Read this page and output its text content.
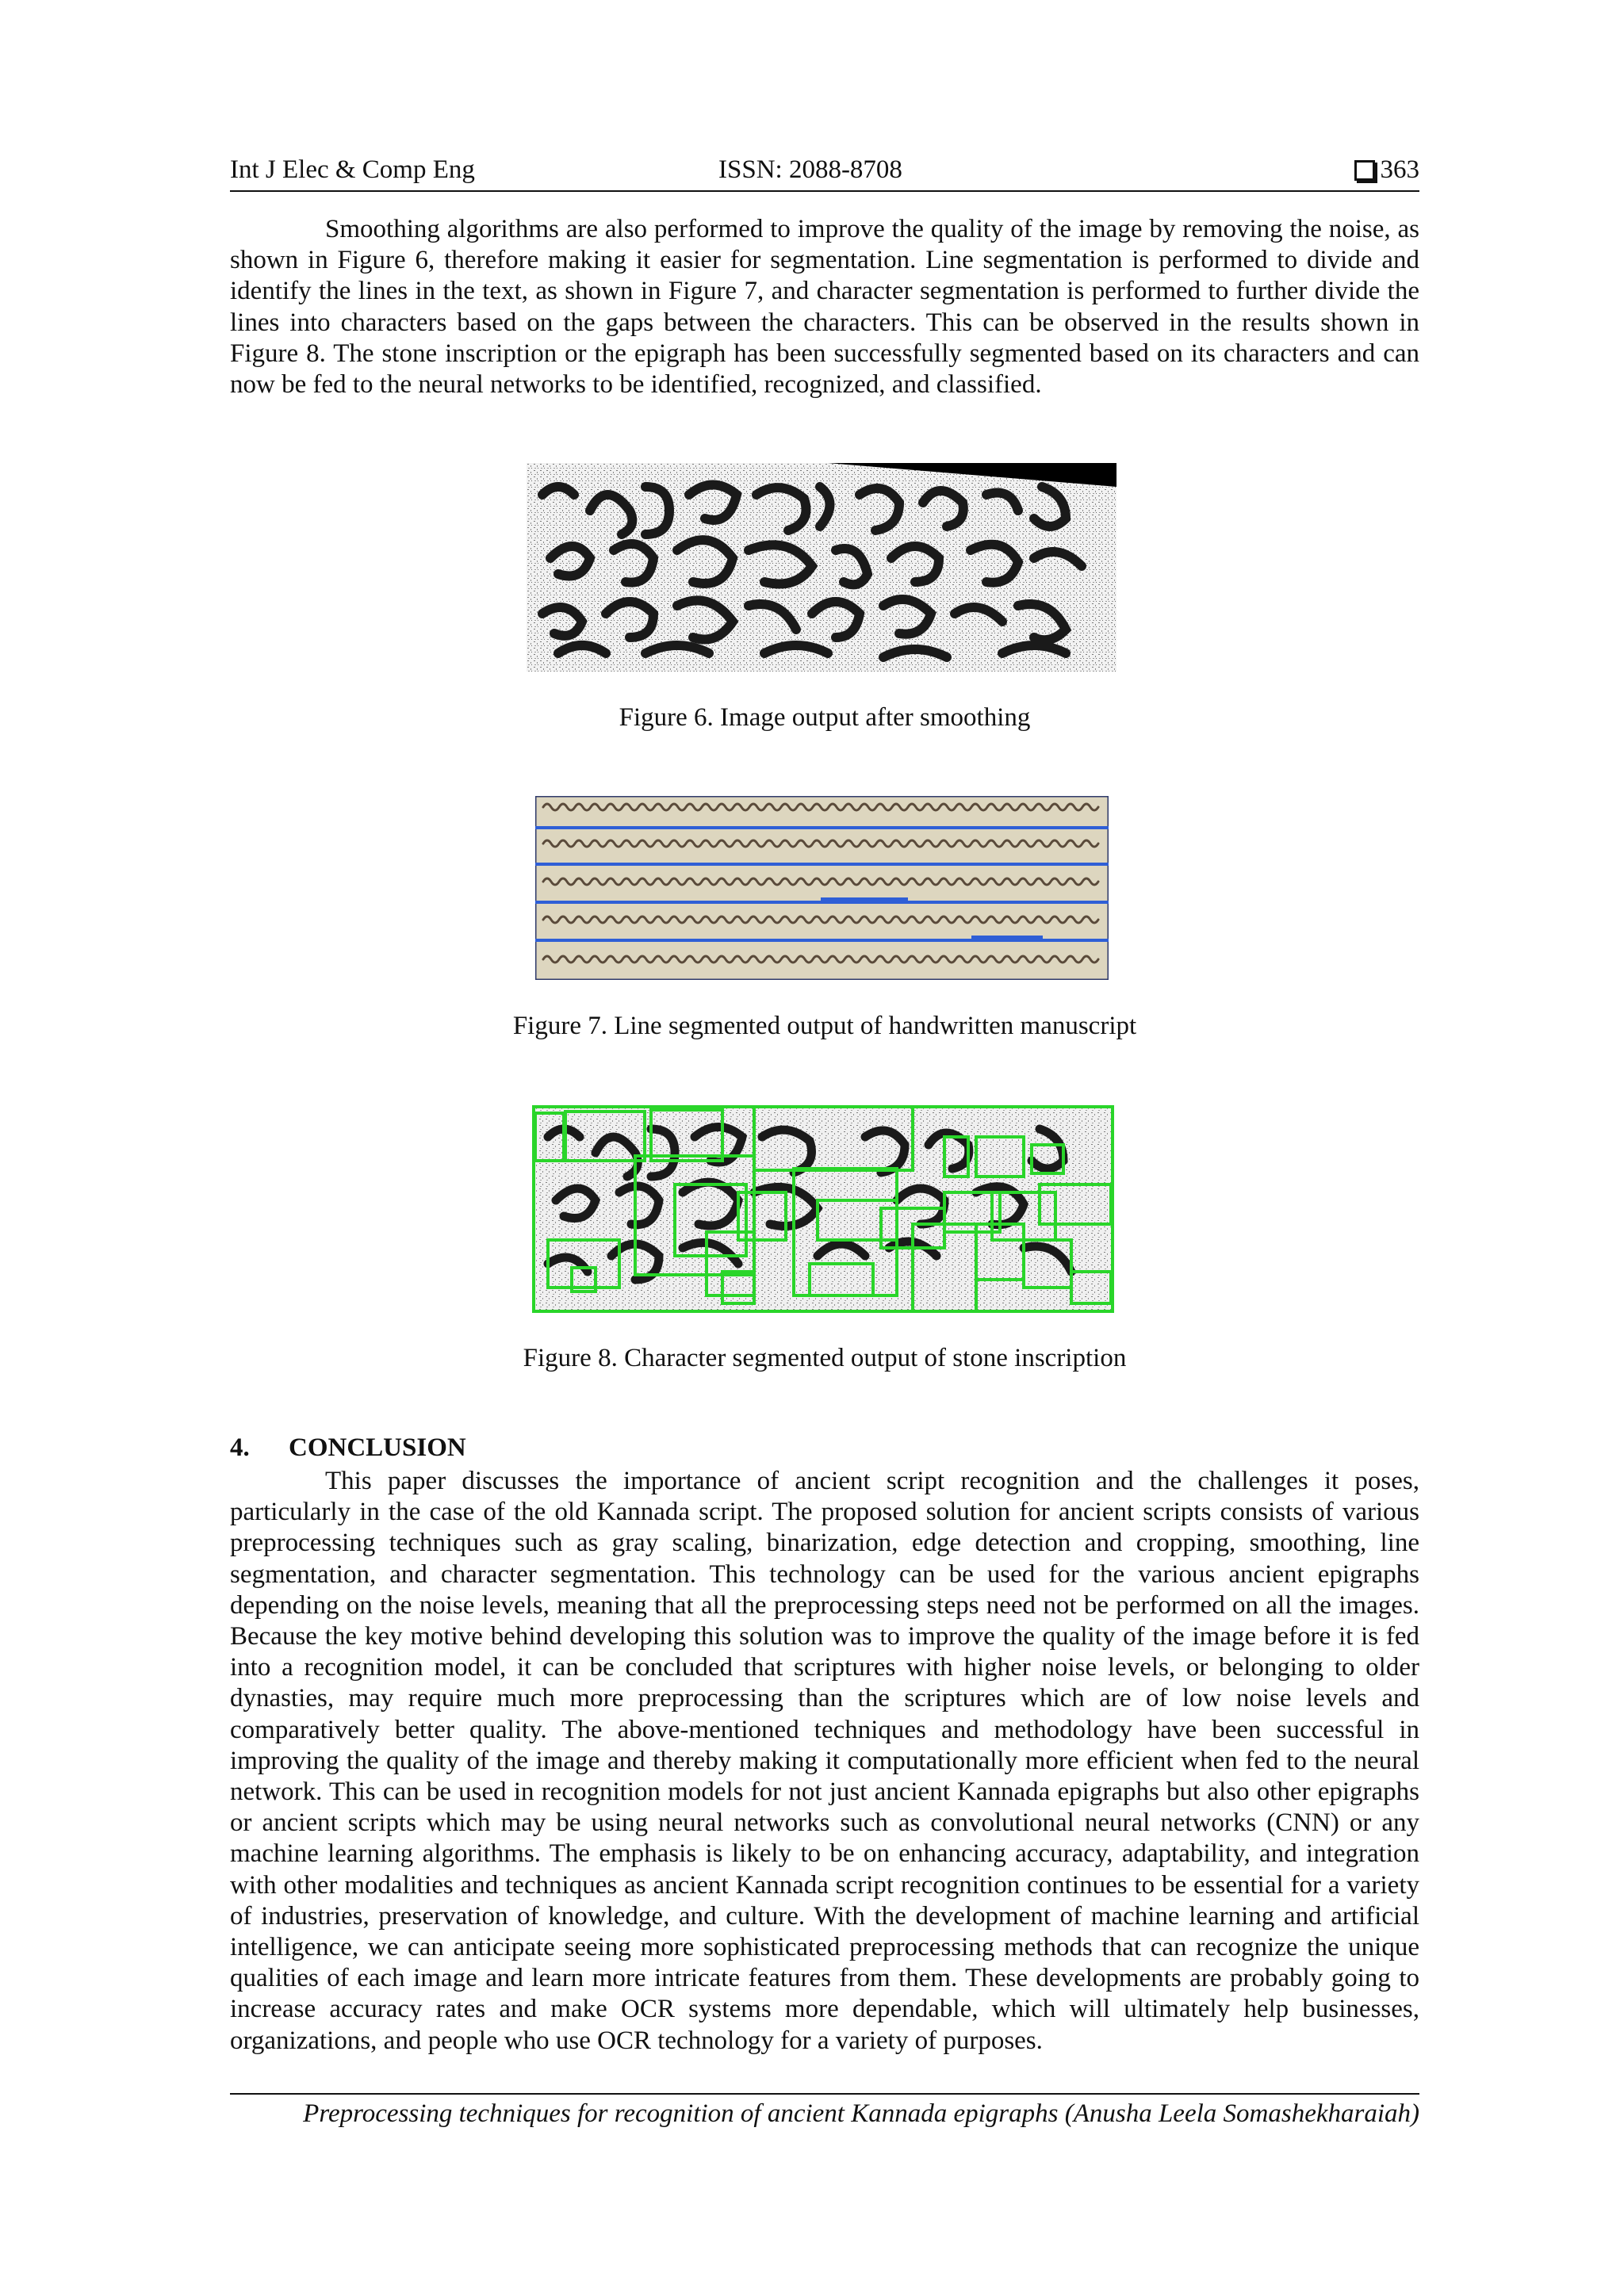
Int J Elec & Comp Eng	ISSN: 2088-8708	363

Smoothing algorithms are also performed to improve the quality of the image by removing the noise, as shown in Figure 6, therefore making it easier for segmentation. Line segmentation is performed to divide and identify the lines in the text, as shown in Figure 7, and character segmentation is performed to further divide the lines into characters based on the gaps between the characters. This can be observed in the results shown in Figure 8. The stone inscription or the epigraph has been successfully segmented based on its characters and can now be fed to the neural networks to be identified, recognized, and classified.

Figure 6. Image output after smoothing

Figure 7. Line segmented output of handwritten manuscript

Figure 8. Character segmented output of stone inscription

4. CONCLUSION

This paper discusses the importance of ancient script recognition and the challenges it poses, particularly in the case of the old Kannada script. The proposed solution for ancient scripts consists of various preprocessing techniques such as gray scaling, binarization, edge detection and cropping, smoothing, line segmentation, and character segmentation. This technology can be used for the various ancient epigraphs depending on the noise levels, meaning that all the preprocessing steps need not be performed on all the images. Because the key motive behind developing this solution was to improve the quality of the image before it is fed into a recognition model, it can be concluded that scriptures with higher noise levels, or belonging to older dynasties, may require much more preprocessing than the scriptures which are of low noise levels and comparatively better quality. The above-mentioned techniques and methodology have been successful in improving the quality of the image and thereby making it computationally more efficient when fed to the neural network. This can be used in recognition models for not just ancient Kannada epigraphs but also other epigraphs or ancient scripts which may be using neural networks such as convolutional neural networks (CNN) or any machine learning algorithms. The emphasis is likely to be on enhancing accuracy, adaptability, and integration with other modalities and techniques as ancient Kannada script recognition continues to be essential for a variety of industries, preservation of knowledge, and culture. With the development of machine learning and artificial intelligence, we can anticipate seeing more sophisticated preprocessing methods that can recognize the unique qualities of each image and learn more intricate features from them. These developments are probably going to increase accuracy rates and make OCR systems more dependable, which will ultimately help businesses, organizations, and people who use OCR technology for a variety of purposes.

Preprocessing techniques for recognition of ancient Kannada epigraphs (Anusha Leela Somashekharaiah)
